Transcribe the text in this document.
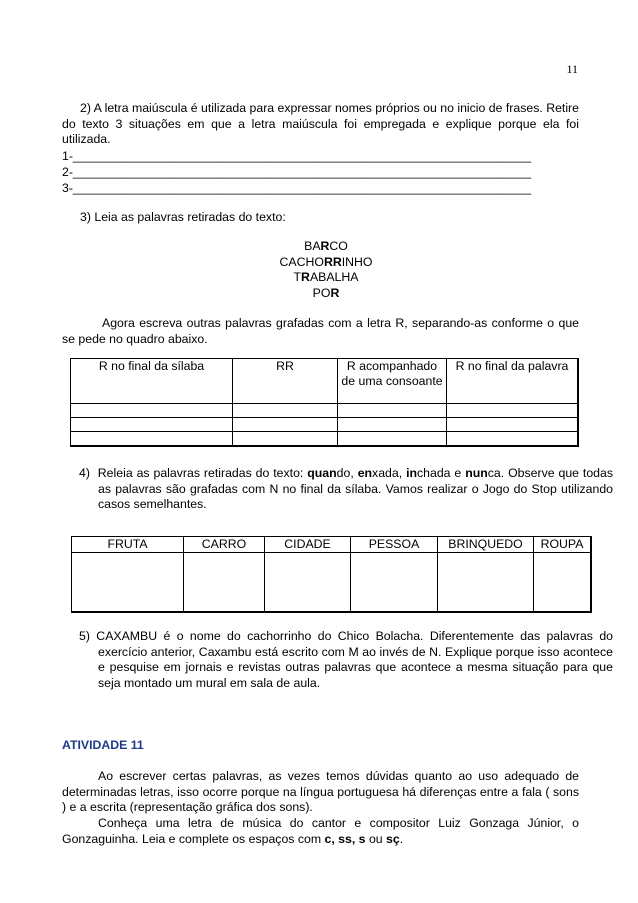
11
2) A letra maiúscula é utilizada para expressar nomes próprios ou no inicio de frases. Retire do texto 3 situações em que a letra maiúscula foi empregada e explique porque ela foi utilizada.
1-___________________________________________________________________
2-___________________________________________________________________
3-___________________________________________________________________
3) Leia as palavras retiradas do texto:
BARCO
CACHORRINHO
TRABALHA
POR
Agora escreva outras palavras grafadas com a letra R, separando-as conforme o que se pede no quadro abaixo.
R no final da sílaba	RR	R acompanhado de uma consoante	R no final da palavra

4) Releia as palavras retiradas do texto: quando, enxada, inchada e nunca. Observe que todas as palavras são grafadas com N no final da sílaba. Vamos realizar o Jogo do Stop utilizando casos semelhantes.
FRUTA	CARRO	CIDADE	PESSOA	BRINQUEDO	ROUPA

5) CAXAMBU é o nome do cachorrinho do Chico Bolacha. Diferentemente das palavras do exercício anterior, Caxambu está escrito com M ao invés de N. Explique porque isso acontece e pesquise em jornais e revistas outras palavras que acontece a mesma situação para que seja montado um mural em sala de aula.
ATIVIDADE 11
Ao escrever certas palavras, as vezes temos dúvidas quanto ao uso adequado de determinadas letras, isso ocorre porque na língua portuguesa há diferenças entre a fala ( sons ) e a escrita (representação gráfica dos sons).
Conheça uma letra de música do cantor e compositor Luiz Gonzaga Júnior, o Gonzaguinha. Leia e complete os espaços com c, ss, s ou sç.
